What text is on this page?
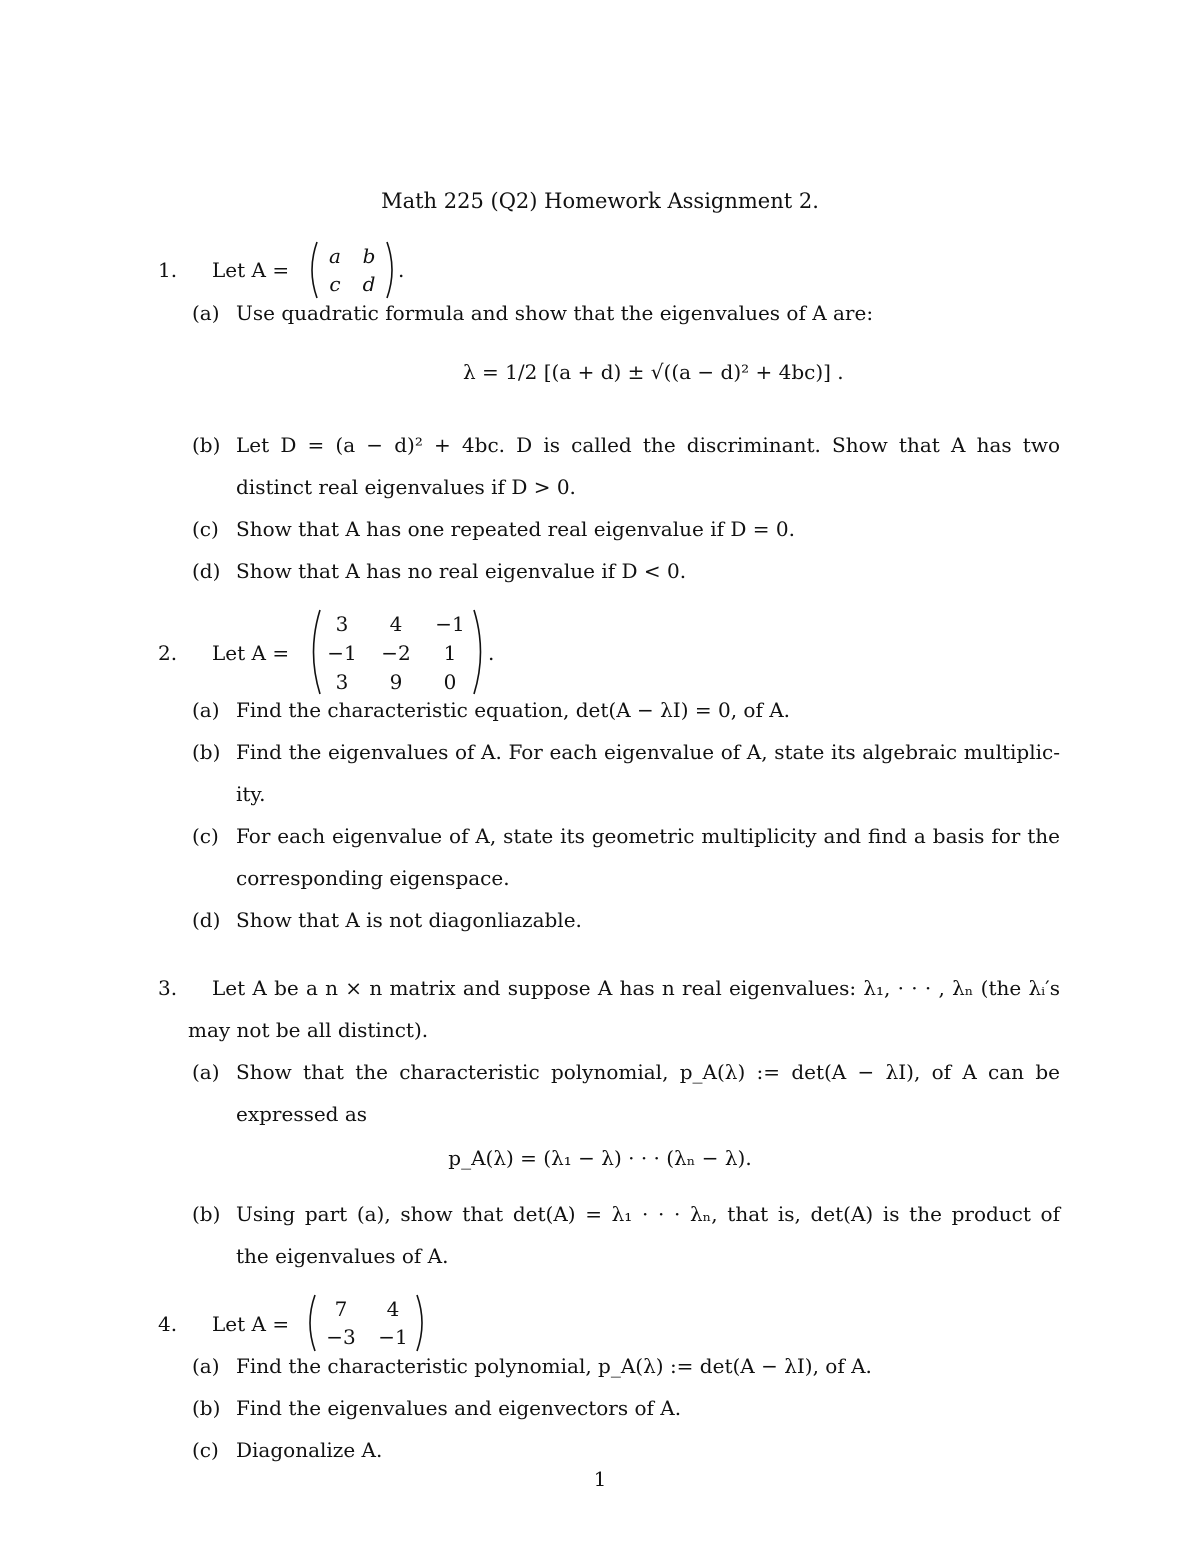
Math 225 (Q2) Homework Assignment 2.
1. Let A =
a	b
c	d
.
(a) Use quadratic formula and show that the eigenvalues of A are:
λ = 1/2 [(a + d) ± √((a − d)² + 4bc)] .
(b) Let D = (a − d)² + 4bc. D is called the discriminant. Show that A has two
distinct real eigenvalues if D > 0.
(c) Show that A has one repeated real eigenvalue if D = 0.
(d) Show that A has no real eigenvalue if D < 0.
2. Let A =
3	4	−1
−1 −2	1
3	9	0
.
(a) Find the characteristic equation, det(A − λI) = 0, of A.
(b) Find the eigenvalues of A. For each eigenvalue of A, state its algebraic multiplic-
ity.
(c) For each eigenvalue of A, state its geometric multiplicity and find a basis for the
corresponding eigenspace.
(d) Show that A is not diagonliazable.
3. Let A be a n × n matrix and suppose A has n real eigenvalues: λ₁, · · · , λₙ (the λᵢ′s
may not be all distinct).
(a) Show that the characteristic polynomial, p_A(λ) := det(A − λI), of A can be
expressed as
p_A(λ) = (λ₁ − λ) · · · (λₙ − λ).
(b) Using part (a), show that det(A) = λ₁ · · · λₙ, that is, det(A) is the product of
the eigenvalues of A.
4. Let A =
7	4
−3 −1
(a) Find the characteristic polynomial, p_A(λ) := det(A − λI), of A.
(b) Find the eigenvalues and eigenvectors of A.
(c) Diagonalize A.
1
